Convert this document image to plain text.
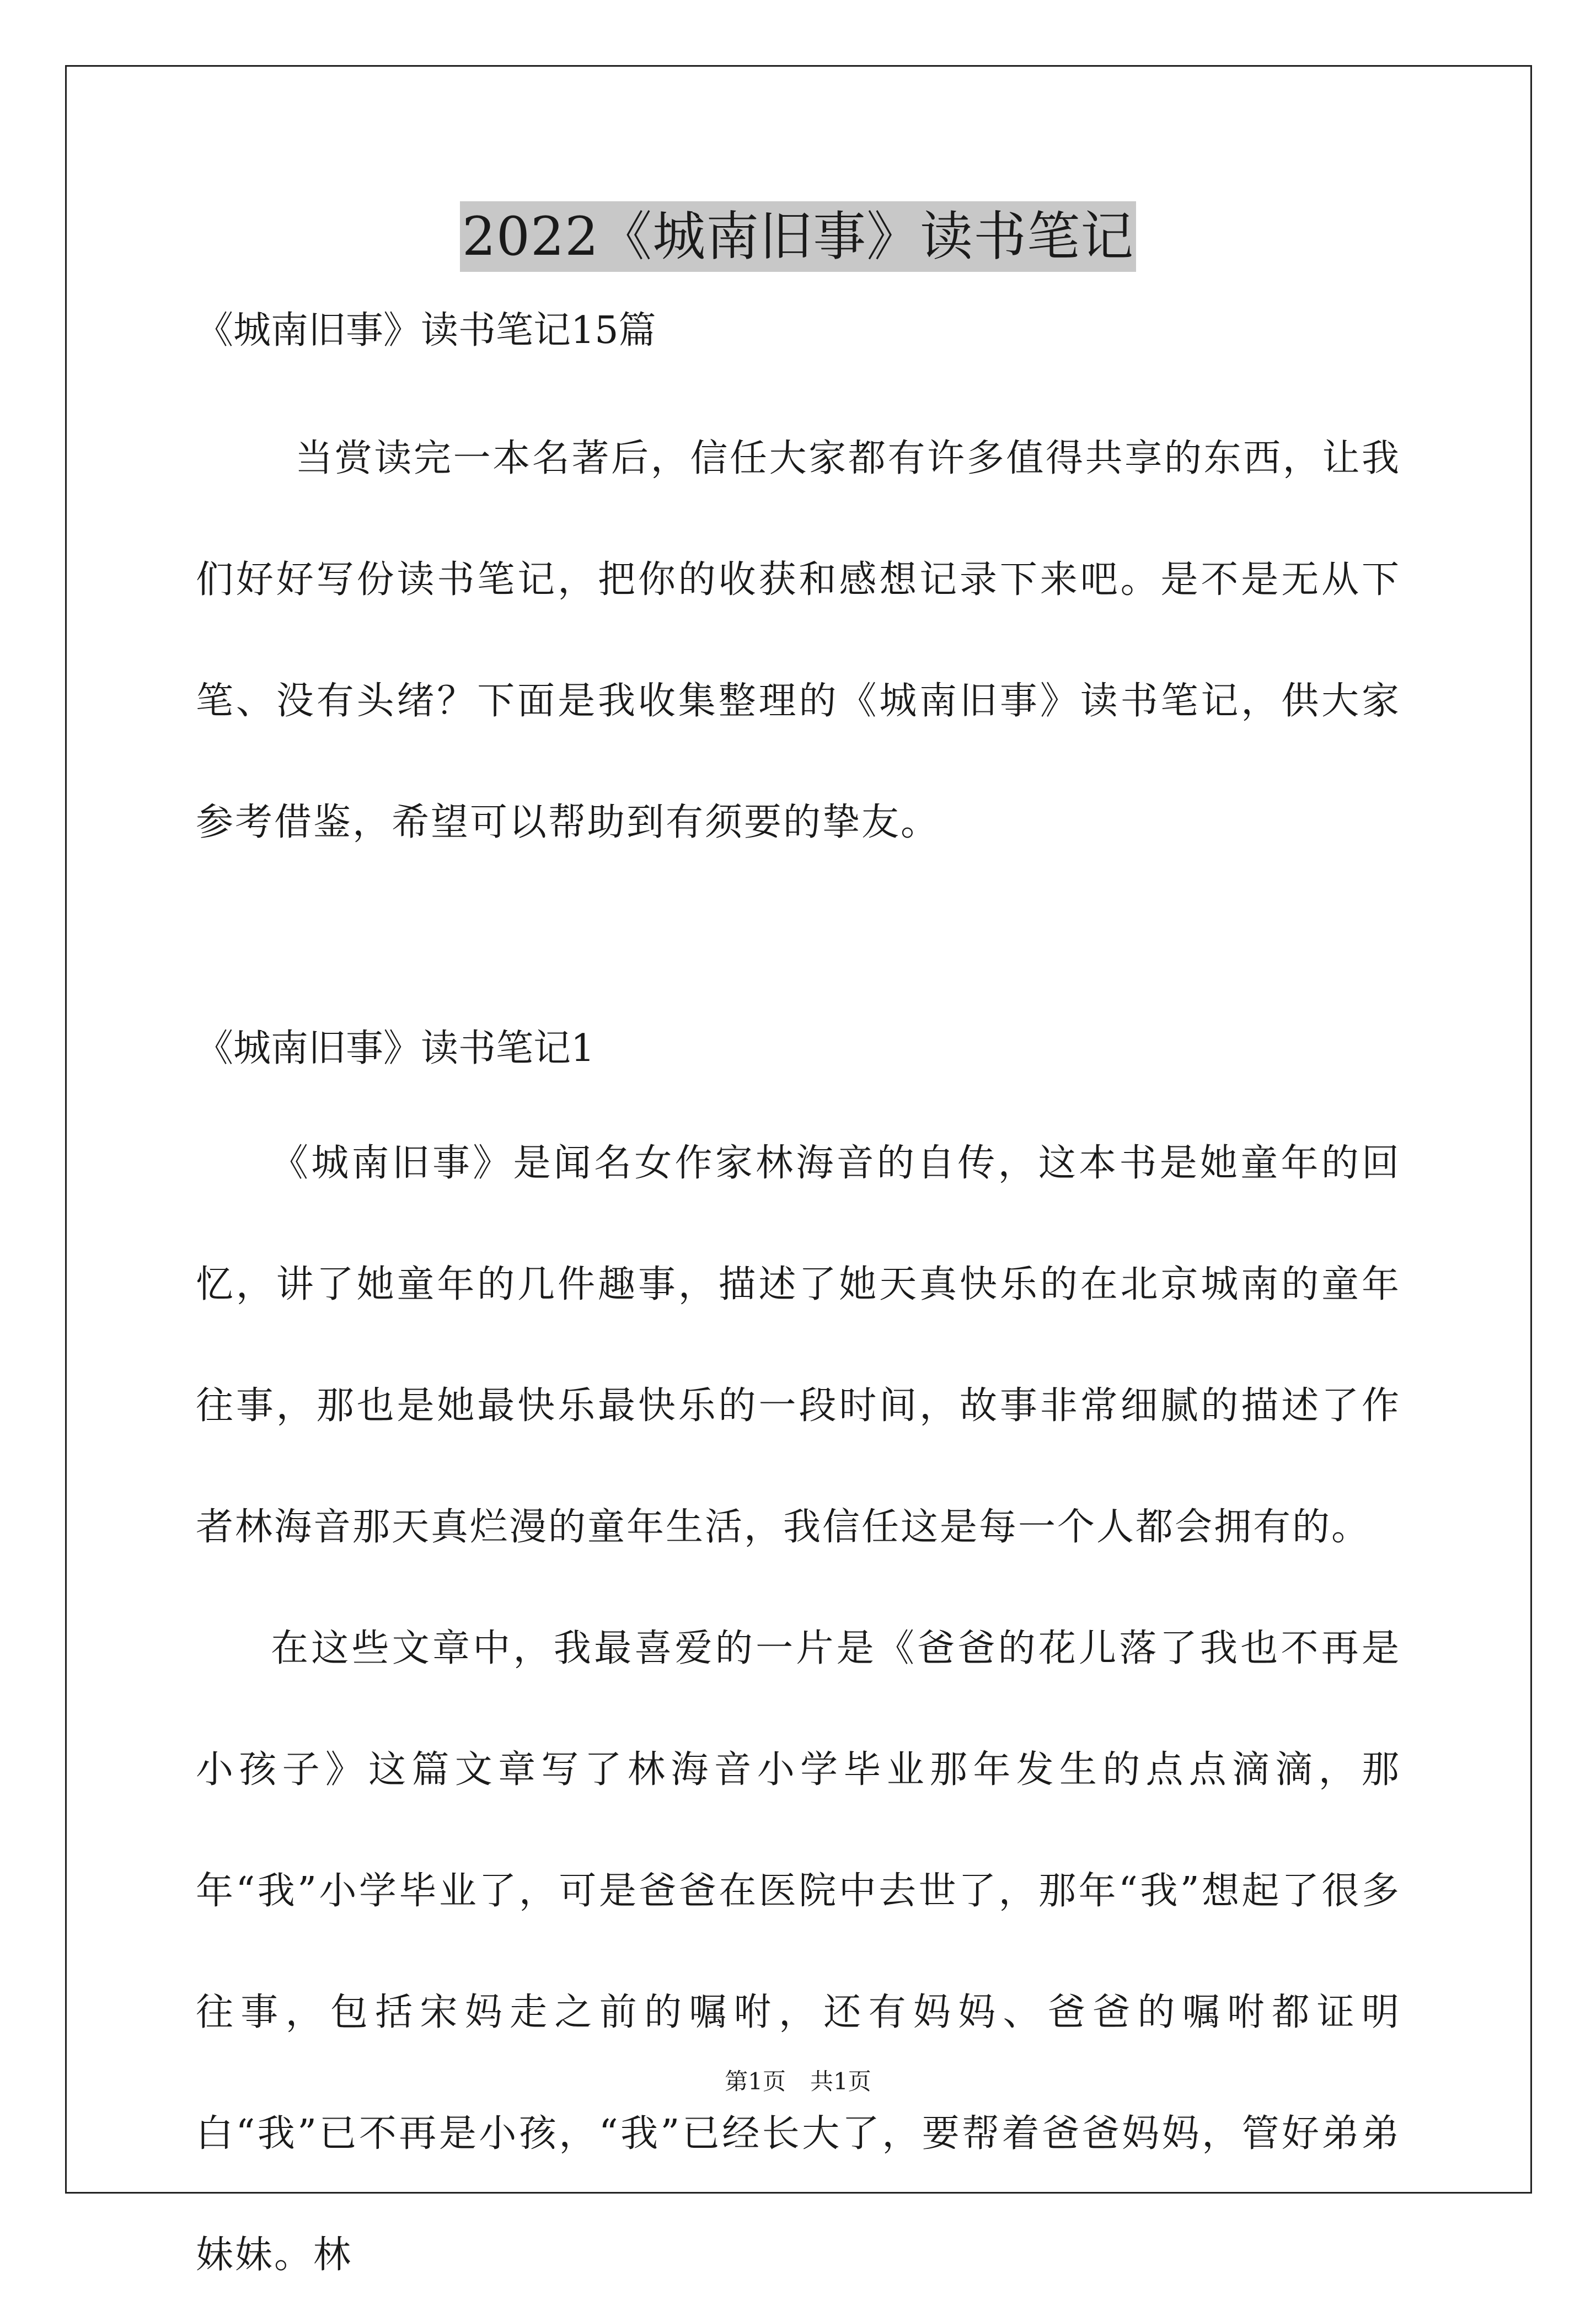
2022《城南旧事》读书笔记

《城南旧事》读书笔记15篇

当赏读完一本名著后，信任大家都有许多值得共享的东西，让我们好好写份读书笔记，把你的收获和感想记录下来吧。是不是无从下笔、没有头绪？下面是我收集整理的《城南旧事》读书笔记，供大家参考借鉴，希望可以帮助到有须要的挚友。

《城南旧事》读书笔记1

《城南旧事》是闻名女作家林海音的自传，这本书是她童年的回忆，讲了她童年的几件趣事，描述了她天真快乐的在北京城南的童年往事，那也是她最快乐最快乐的一段时间，故事非常细腻的描述了作者林海音那天真烂漫的童年生活，我信任这是每一个人都会拥有的。

在这些文章中，我最喜爱的一片是《爸爸的花儿落了我也不再是小孩子》这篇文章写了林海音小学毕业那年发生的点点滴滴，那年“我”小学毕业了，可是爸爸在医院中去世了，那年“我”想起了很多往事，包括宋妈走之前的嘱咐，还有妈妈、爸爸的嘱咐都证明白“我”已不再是小孩，“我”已经长大了，要帮着爸爸妈妈，管好弟弟妹妹。林

第1页 共1页
